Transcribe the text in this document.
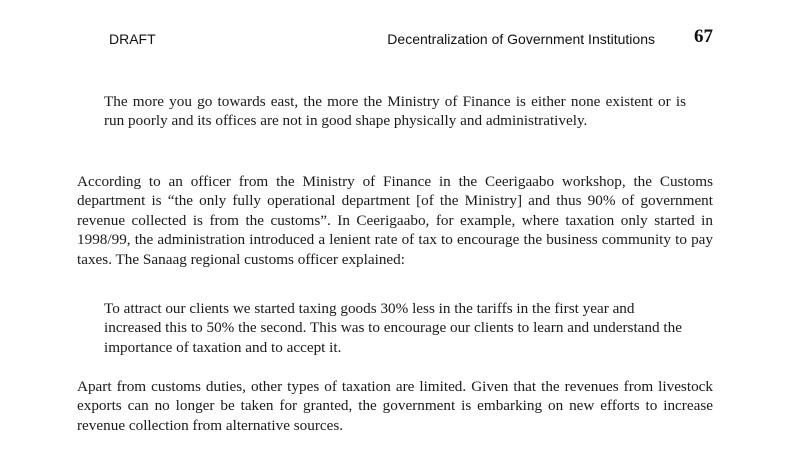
DRAFT	Decentralization of Government Institutions 67

The more you go towards east, the more the Ministry of Finance is either none existent or is run poorly and its offices are not in good shape physically and administratively.

According to an officer from the Ministry of Finance in the Ceerigaabo workshop, the Customs department is “the only fully operational department [of the Ministry] and thus 90% of government revenue collected is from the customs”. In Ceerigaabo, for example, where taxation only started in 1998/99, the administration introduced a lenient rate of tax to encourage the business community to pay taxes. The Sanaag regional customs officer explained:

To attract our clients we started taxing goods 30% less in the tariffs in the first year and increased this to 50% the second. This was to encourage our clients to learn and understand the importance of taxation and to accept it.

Apart from customs duties, other types of taxation are limited. Given that the revenues from livestock exports can no longer be taken for granted, the government is embarking on new efforts to increase revenue collection from alternative sources.
